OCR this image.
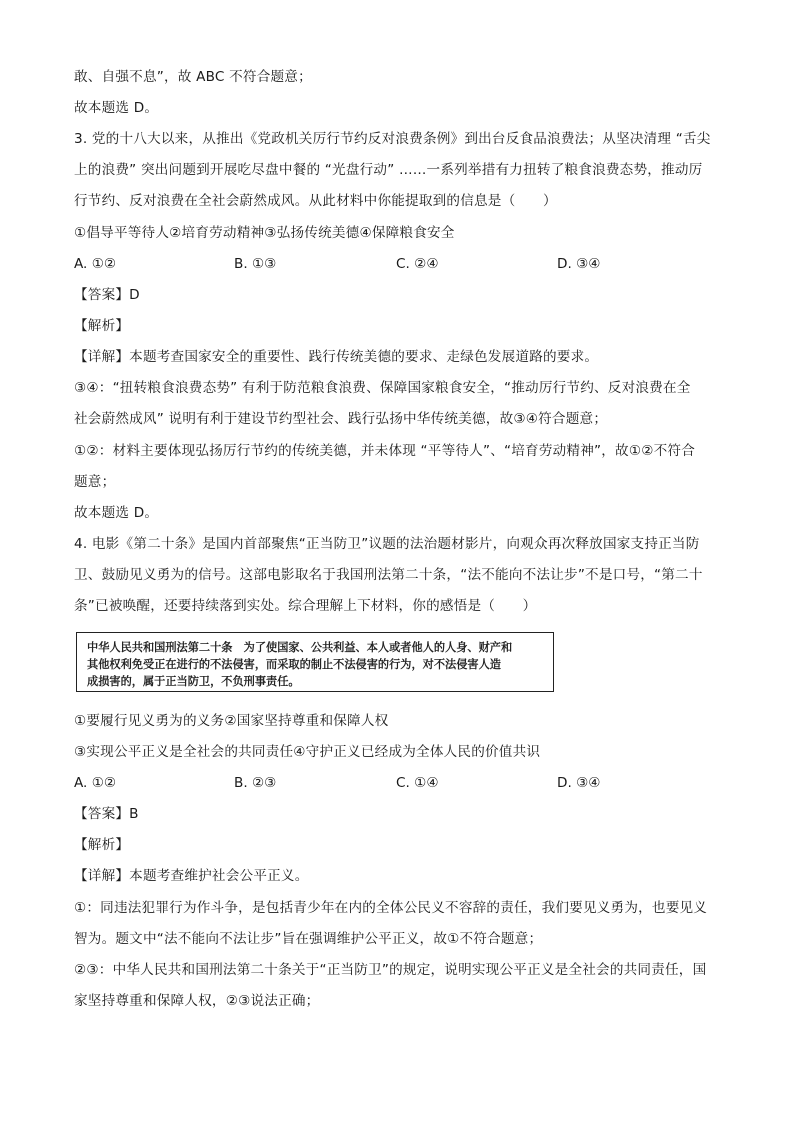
敢、自强不息”，故 ABC 不符合题意；
故本题选 D。
3. 党的十八大以来，从推出《党政机关厉行节约反对浪费条例》到出台反食品浪费法；从坚决清理 “舌尖
上的浪费” 突出问题到开展吃尽盘中餐的 “光盘行动” ……一系列举措有力扭转了粮食浪费态势，推动厉
行节约、反对浪费在全社会蔚然成风。从此材料中你能提取到的信息是（　　）
①倡导平等待人②培育劳动精神③弘扬传统美德④保障粮食安全
A. ①②	B. ①③	C. ②④	D. ③④
【答案】D
【解析】
【详解】本题考查国家安全的重要性、践行传统美德的要求、走绿色发展道路的要求。
③④：“扭转粮食浪费态势” 有利于防范粮食浪费、保障国家粮食安全，“推动厉行节约、反对浪费在全
社会蔚然成风” 说明有利于建设节约型社会、践行弘扬中华传统美德，故③④符合题意；
①②：材料主要体现弘扬厉行节约的传统美德，并未体现 “平等待人”、“培育劳动精神”，故①②不符合
题意；
故本题选 D。
4. 电影《第二十条》是国内首部聚焦“正当防卫”议题的法治题材影片，向观众再次释放国家支持正当防
卫、鼓励见义勇为的信号。这部电影取名于我国刑法第二十条，“法不能向不法让步”不是口号，“第二十
条”已被唤醒，还要持续落到实处。综合理解上下材料，你的感悟是（　　）
中华人民共和国刑法第二十条　为了使国家、公共利益、本人或者他人的人身、财产和
其他权利免受正在进行的不法侵害，而采取的制止不法侵害的行为，对不法侵害人造
成损害的，属于正当防卫，不负刑事责任。
①要履行见义勇为的义务②国家坚持尊重和保障人权
③实现公平正义是全社会的共同责任④守护正义已经成为全体人民的价值共识
A. ①②	B. ②③	C. ①④	D. ③④
【答案】B
【解析】
【详解】本题考查维护社会公平正义。
①：同违法犯罪行为作斗争，是包括青少年在内的全体公民义不容辞的责任，我们要见义勇为，也要见义
智为。题文中“法不能向不法让步”旨在强调维护公平正义，故①不符合题意；
②③：中华人民共和国刑法第二十条关于“正当防卫”的规定，说明实现公平正义是全社会的共同责任，国
家坚持尊重和保障人权，②③说法正确；
